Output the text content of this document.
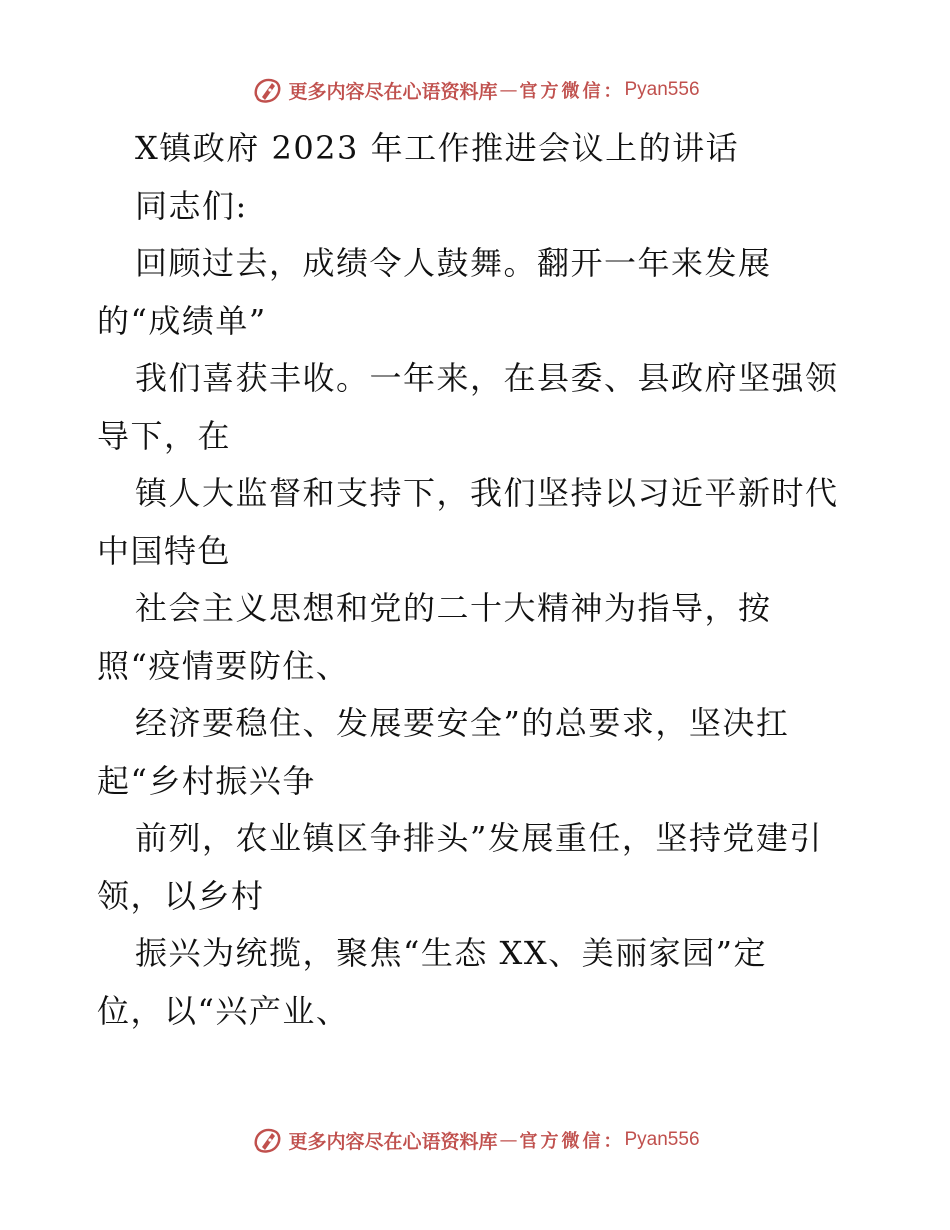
更多内容尽在心语资料库 — 官方微信： Pyan556
X镇政府 2023 年工作推进会议上的讲话
同志们:
回顾过去，成绩令人鼓舞。翻开一年来发展
的“成绩单”
我们喜获丰收。一年来，在县委、县政府坚强领
导下，在
镇人大监督和支持下，我们坚持以习近平新时代
中国特色
社会主义思想和党的二十大精神为指导，按
照“疫情要防住、
经济要稳住、发展要安全”的总要求，坚决扛
起“乡村振兴争
前列，农业镇区争排头”发展重任，坚持党建引
领，以乡村
振兴为统揽，聚焦“生态 XX、美丽家园”定
位，以“兴产业、
更多内容尽在心语资料库 — 官方微信： Pyan556
